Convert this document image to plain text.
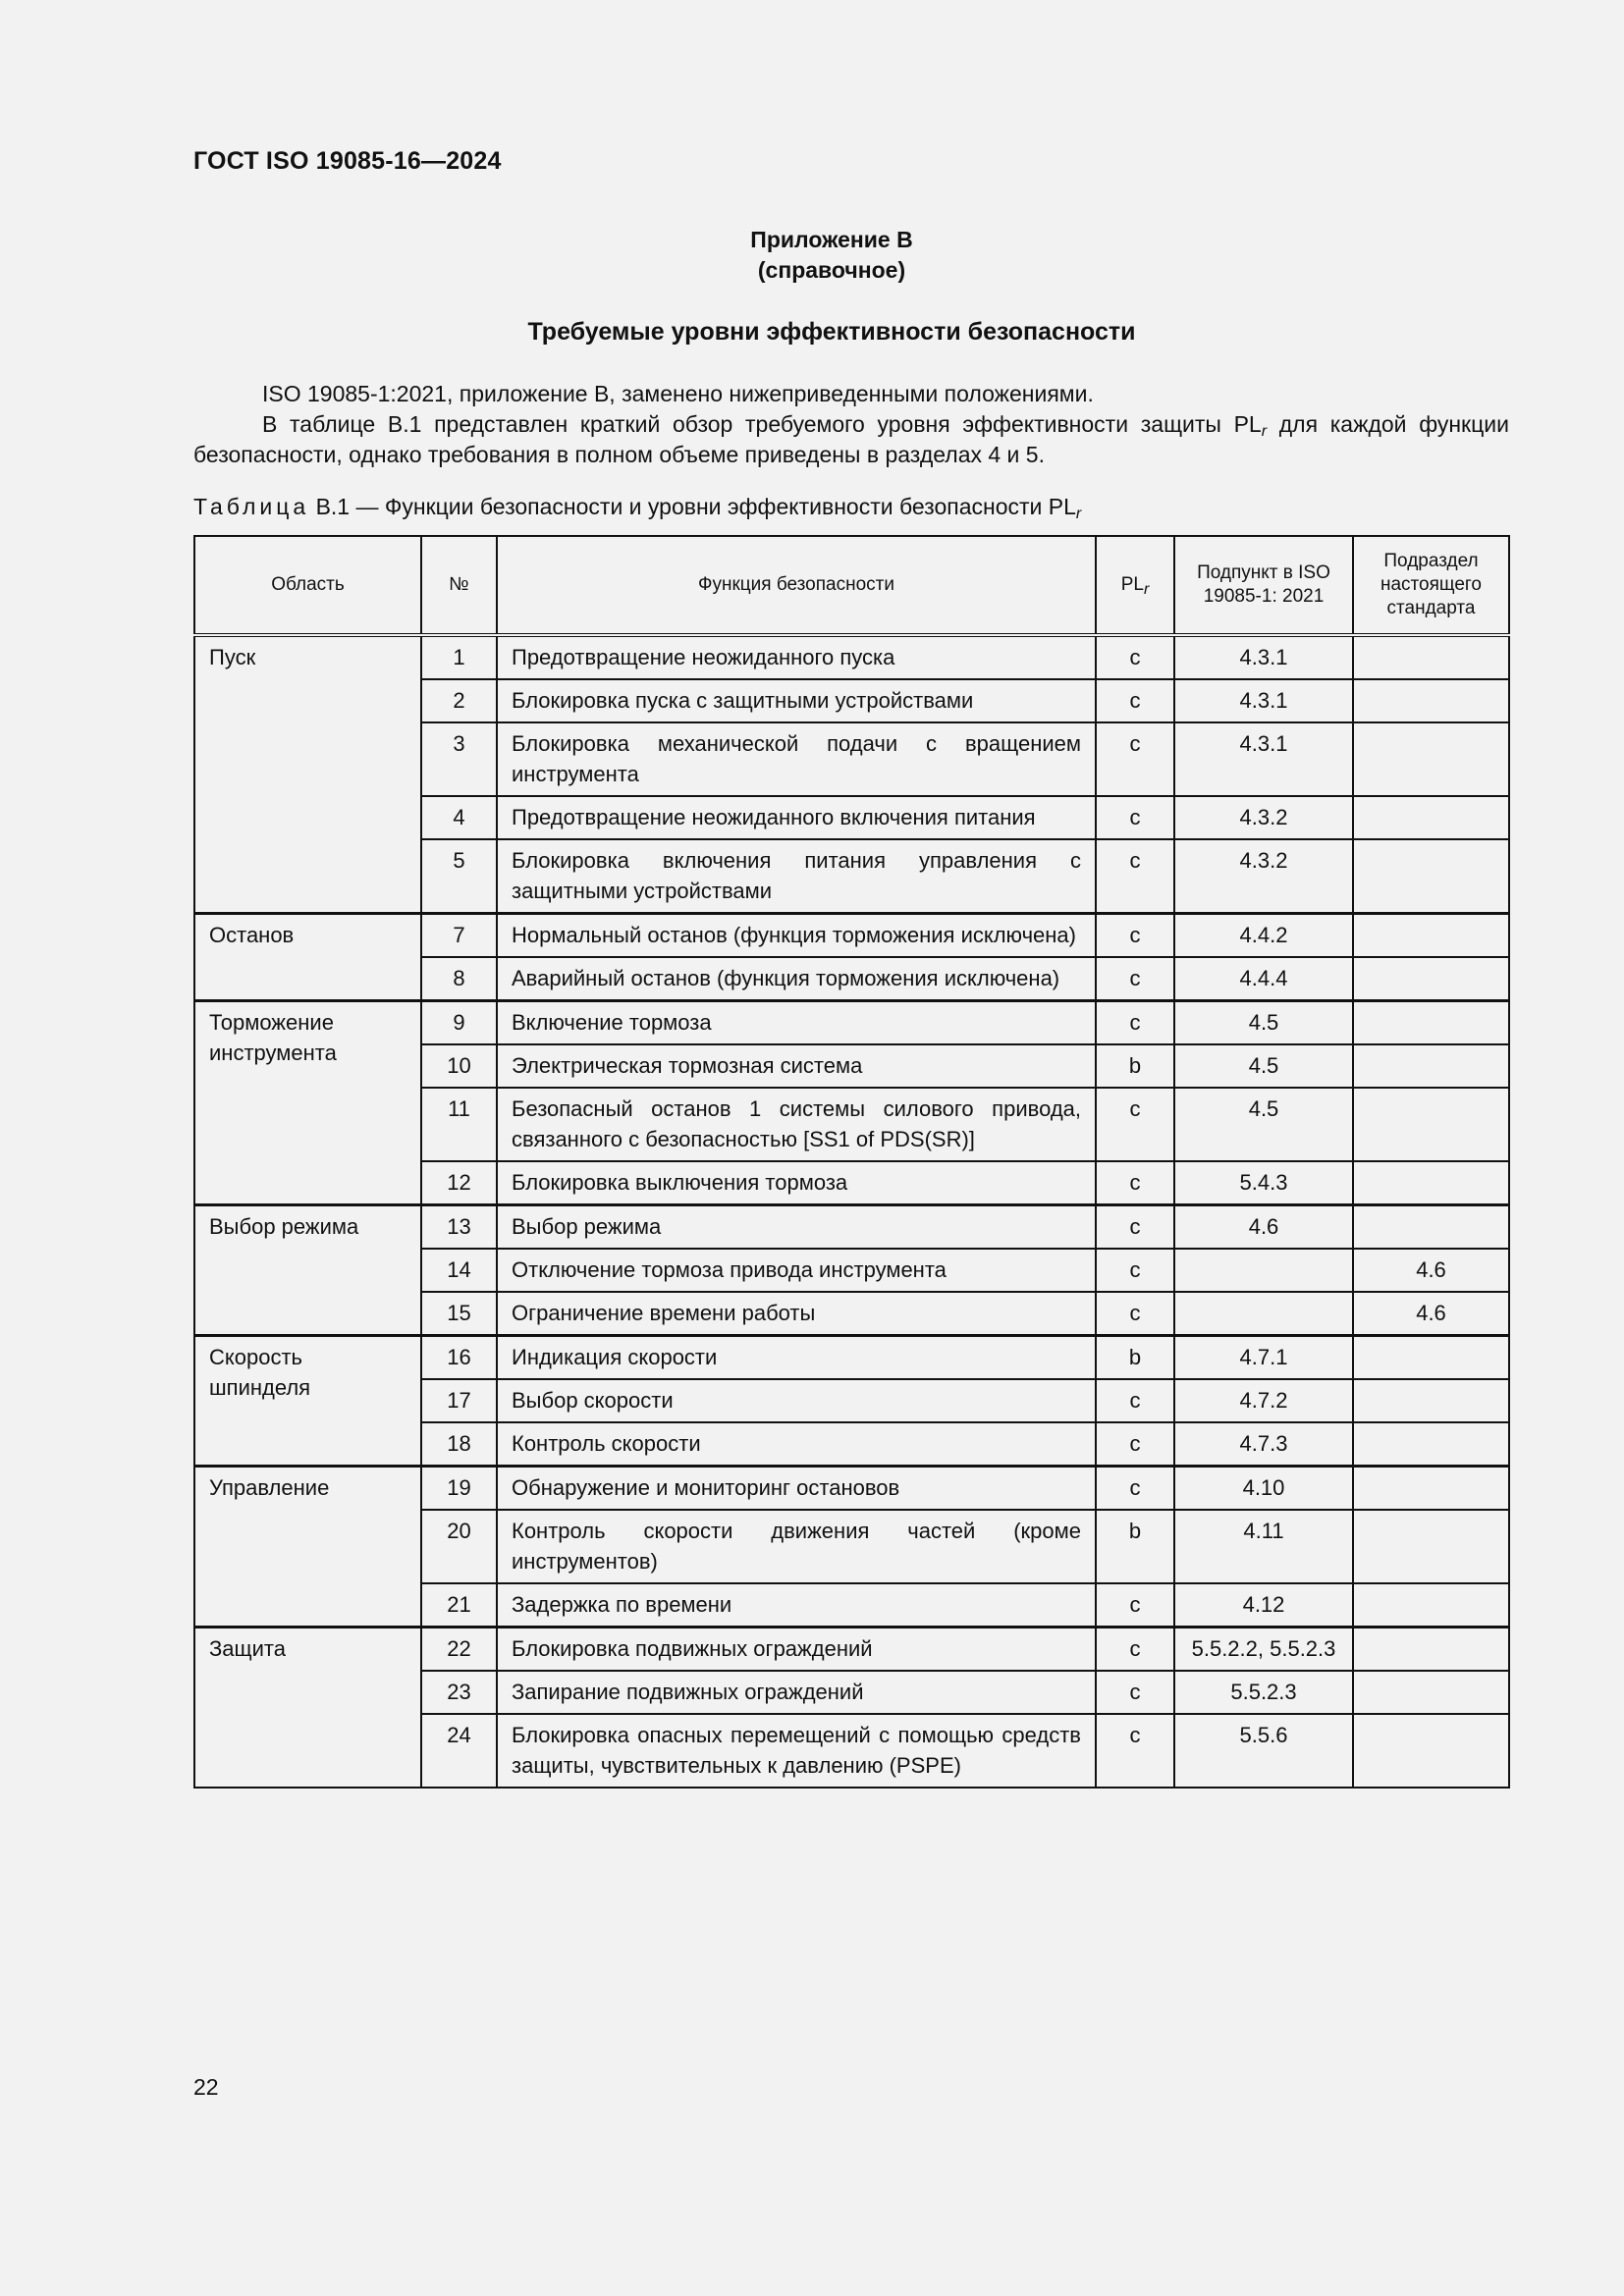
ГОСТ ISO 19085-16—2024
Приложение В
(справочное)
Требуемые уровни эффективности безопасности
ISO 19085-1:2021, приложение В, заменено нижеприведенными положениями.
В таблице В.1 представлен краткий обзор требуемого уровня эффективности защиты $PL_r$ для каждой функции безопасности, однако требования в полном объеме приведены в разделах 4 и 5.
Таблица В.1 — Функции безопасности и уровни эффективности безопасности $PL_r$
Область	№	Функция безопасности	$PL_r$	Подпункт в ISO 19085-1: 2021	Подраздел настоящего стандарта
Пуск	1	Предотвращение неожиданного пуска	c	4.3.1	
	2	Блокировка пуска с защитными устройствами	c	4.3.1	
	3	Блокировка механической подачи с вращением инструмента	c	4.3.1	
	4	Предотвращение неожиданного включения питания	c	4.3.2	
	5	Блокировка включения питания управления с защитными устройствами	c	4.3.2	
Останов	7	Нормальный останов (функция торможения исключена)	c	4.4.2	
	8	Аварийный останов (функция торможения исключена)	c	4.4.4	
Торможение инструмента	9	Включение тормоза	c	4.5	
	10	Электрическая тормозная система	b	4.5	
	11	Безопасный останов 1 системы силового привода, связанного с безопасностью [SS1 of PDS(SR)]	c	4.5	
	12	Блокировка выключения тормоза	c	5.4.3	
Выбор режима	13	Выбор режима	c	4.6	
	14	Отключение тормоза привода инструмента	c		4.6
	15	Ограничение времени работы	c		4.6
Скорость шпинделя	16	Индикация скорости	b	4.7.1	
	17	Выбор скорости	c	4.7.2	
	18	Контроль скорости	c	4.7.3	
Управление	19	Обнаружение и мониторинг остановов	c	4.10	
	20	Контроль скорости движения частей (кроме инструментов)	b	4.11	
	21	Задержка по времени	c	4.12	
Защита	22	Блокировка подвижных ограждений	c	5.5.2.2, 5.5.2.3	
	23	Запирание подвижных ограждений	c	5.5.2.3	
	24	Блокировка опасных перемещений с помощью средств защиты, чувствительных к давлению (PSPE)	c	5.5.6	
22
